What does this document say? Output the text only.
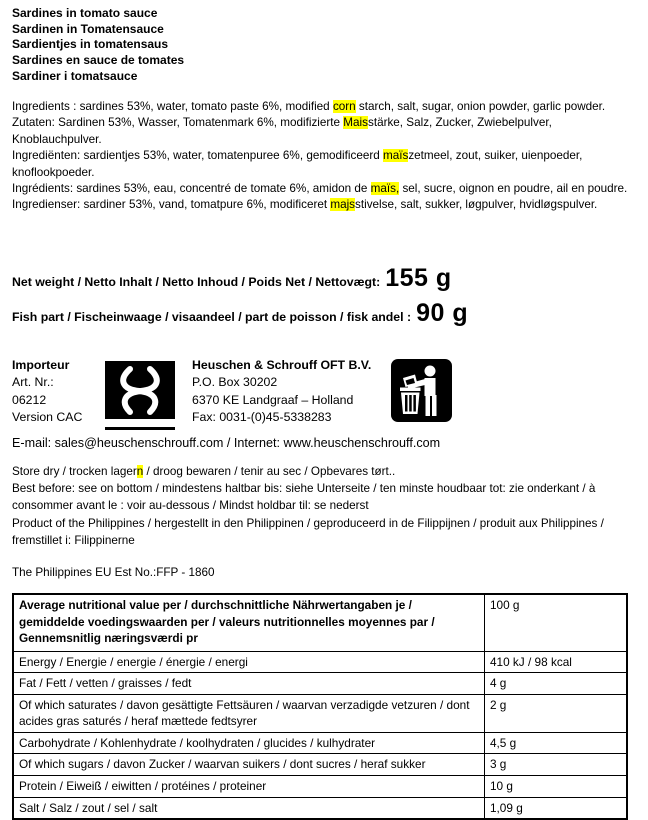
Sardines in tomato sauce
Sardinen in Tomatensauce
Sardientjes in tomatensaus
Sardines en sauce de tomates
Sardiner i tomatsauce

Ingredients : sardines 53%, water, tomato paste 6%, modified corn starch, salt, sugar, onion powder, garlic powder.

Zutaten: Sardinen 53%, Wasser, Tomatenmark 6%, modifizierte Maisstärke, Salz, Zucker, Zwiebelpulver, Knoblauchpulver.

Ingrediënten: sardientjes 53%, water, tomatenpuree 6%, gemodificeerd maïszetmeel, zout, suiker, uienpoeder, knoflookpoeder.

Ingrédients: sardines 53%, eau, concentré de tomate 6%, amidon de maïs, sel, sucre, oignon en poudre, ail en poudre.

Ingredienser: sardiner 53%, vand, tomatpure 6%, modificeret majsstivelse, salt, sukker, løgpulver, hvidløgspulver.

Net weight / Netto Inhalt / Netto Inhoud / Poids Net / Nettovægt: 155 g
Fish part / Fischeinwaage / visaandeel / part de poisson / fisk andel : 90 g
Importeur
Art. Nr.:
06212
Version CAC
Heuschen & Schrouff OFT B.V.
P.O. Box 30202
6370 KE Landgraaf – Holland
Fax: 0031-(0)45-5338283
E-mail: sales@heuschenschrouff.com / Internet: www.heuschenschrouff.com

Store dry / trocken lagern / droog bewaren / tenir au sec / Opbevares tørt..

Best before: see on bottom / mindestens haltbar bis: siehe Unterseite / ten minste houdbaar tot: zie onderkant / à consommer avant le : voir au-dessous / Mindst holdbar til: se nederst

Product of the Philippines / hergestellt in den Philippinen / geproduceerd in de Filippijnen / produit aux Philippines / fremstillet i: Filippinerne

The Philippines EU Est No.:FFP - 1860
Average nutritional value per / durchschnittliche Nährwertangaben je / gemiddelde voedingswaarden per / valeurs nutritionnelles moyennes par / Gennemsnitlig næringsværdi pr	100 g
Energy / Energie / energie / énergie / energi	410 kJ / 98 kcal
Fat / Fett / vetten / graisses / fedt	4 g
Of which saturates / davon gesättigte Fettsäuren / waarvan verzadigde vetzuren / dont acides gras saturés / heraf mættede fedtsyrer	2 g
Carbohydrate / Kohlenhydrate / koolhydraten / glucides / kulhydrater	4,5 g
Of which sugars / davon Zucker / waarvan suikers / dont sucres / heraf sukker	3 g
Protein / Eiweiß / eiwitten / protéines / proteiner	10 g
Salt / Salz / zout / sel / salt	1,09 g
